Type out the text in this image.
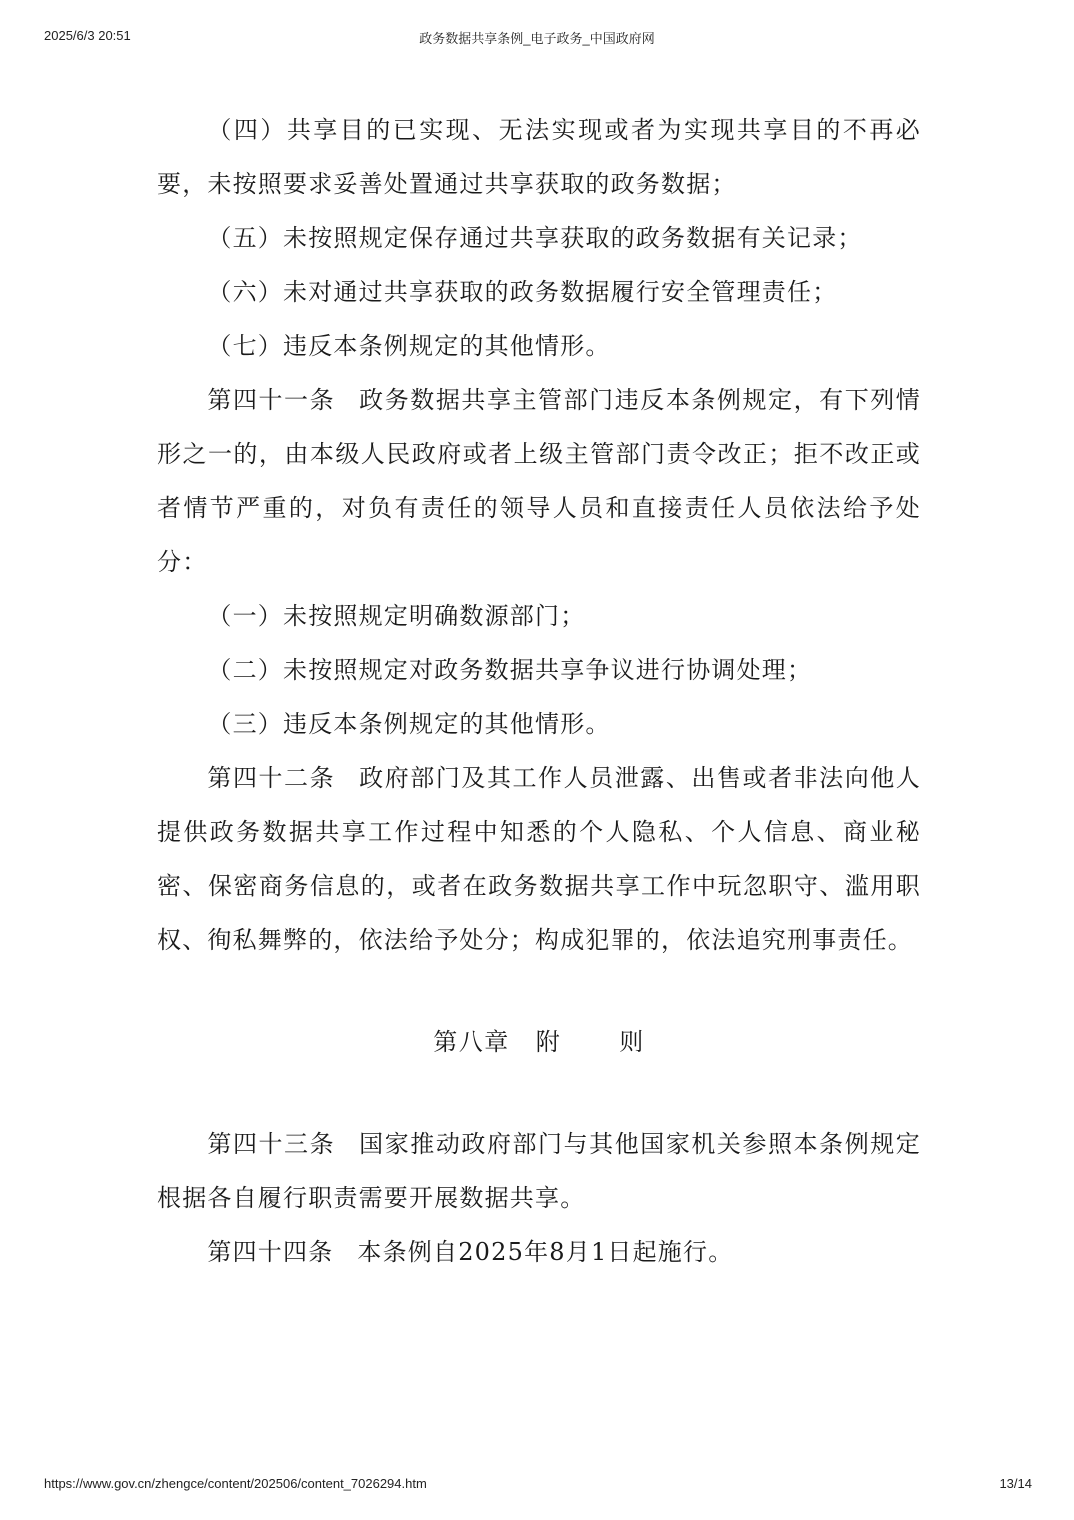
2025/6/3 20:51	政务数据共享条例_电子政务_中国政府网

（四）共享目的已实现、无法实现或者为实现共享目的不再必要，未按照要求妥善处置通过共享获取的政务数据；

（五）未按照规定保存通过共享获取的政务数据有关记录；

（六）未对通过共享获取的政务数据履行安全管理责任；

（七）违反本条例规定的其他情形。

第四十一条 政务数据共享主管部门违反本条例规定，有下列情形之一的，由本级人民政府或者上级主管部门责令改正；拒不改正或者情节严重的，对负有责任的领导人员和直接责任人员依法给予处分：

（一）未按照规定明确数源部门；

（二）未按照规定对政务数据共享争议进行协调处理；

（三）违反本条例规定的其他情形。

第四十二条 政府部门及其工作人员泄露、出售或者非法向他人提供政务数据共享工作过程中知悉的个人隐私、个人信息、商业秘密、保密商务信息的，或者在政务数据共享工作中玩忽职守、滥用职权、徇私舞弊的，依法给予处分；构成犯罪的，依法追究刑事责任。

第八章 附 则

第四十三条 国家推动政府部门与其他国家机关参照本条例规定根据各自履行职责需要开展数据共享。

第四十四条 本条例自2025年8月1日起施行。

https://www.gov.cn/zhengce/content/202506/content_7026294.htm	13/14
